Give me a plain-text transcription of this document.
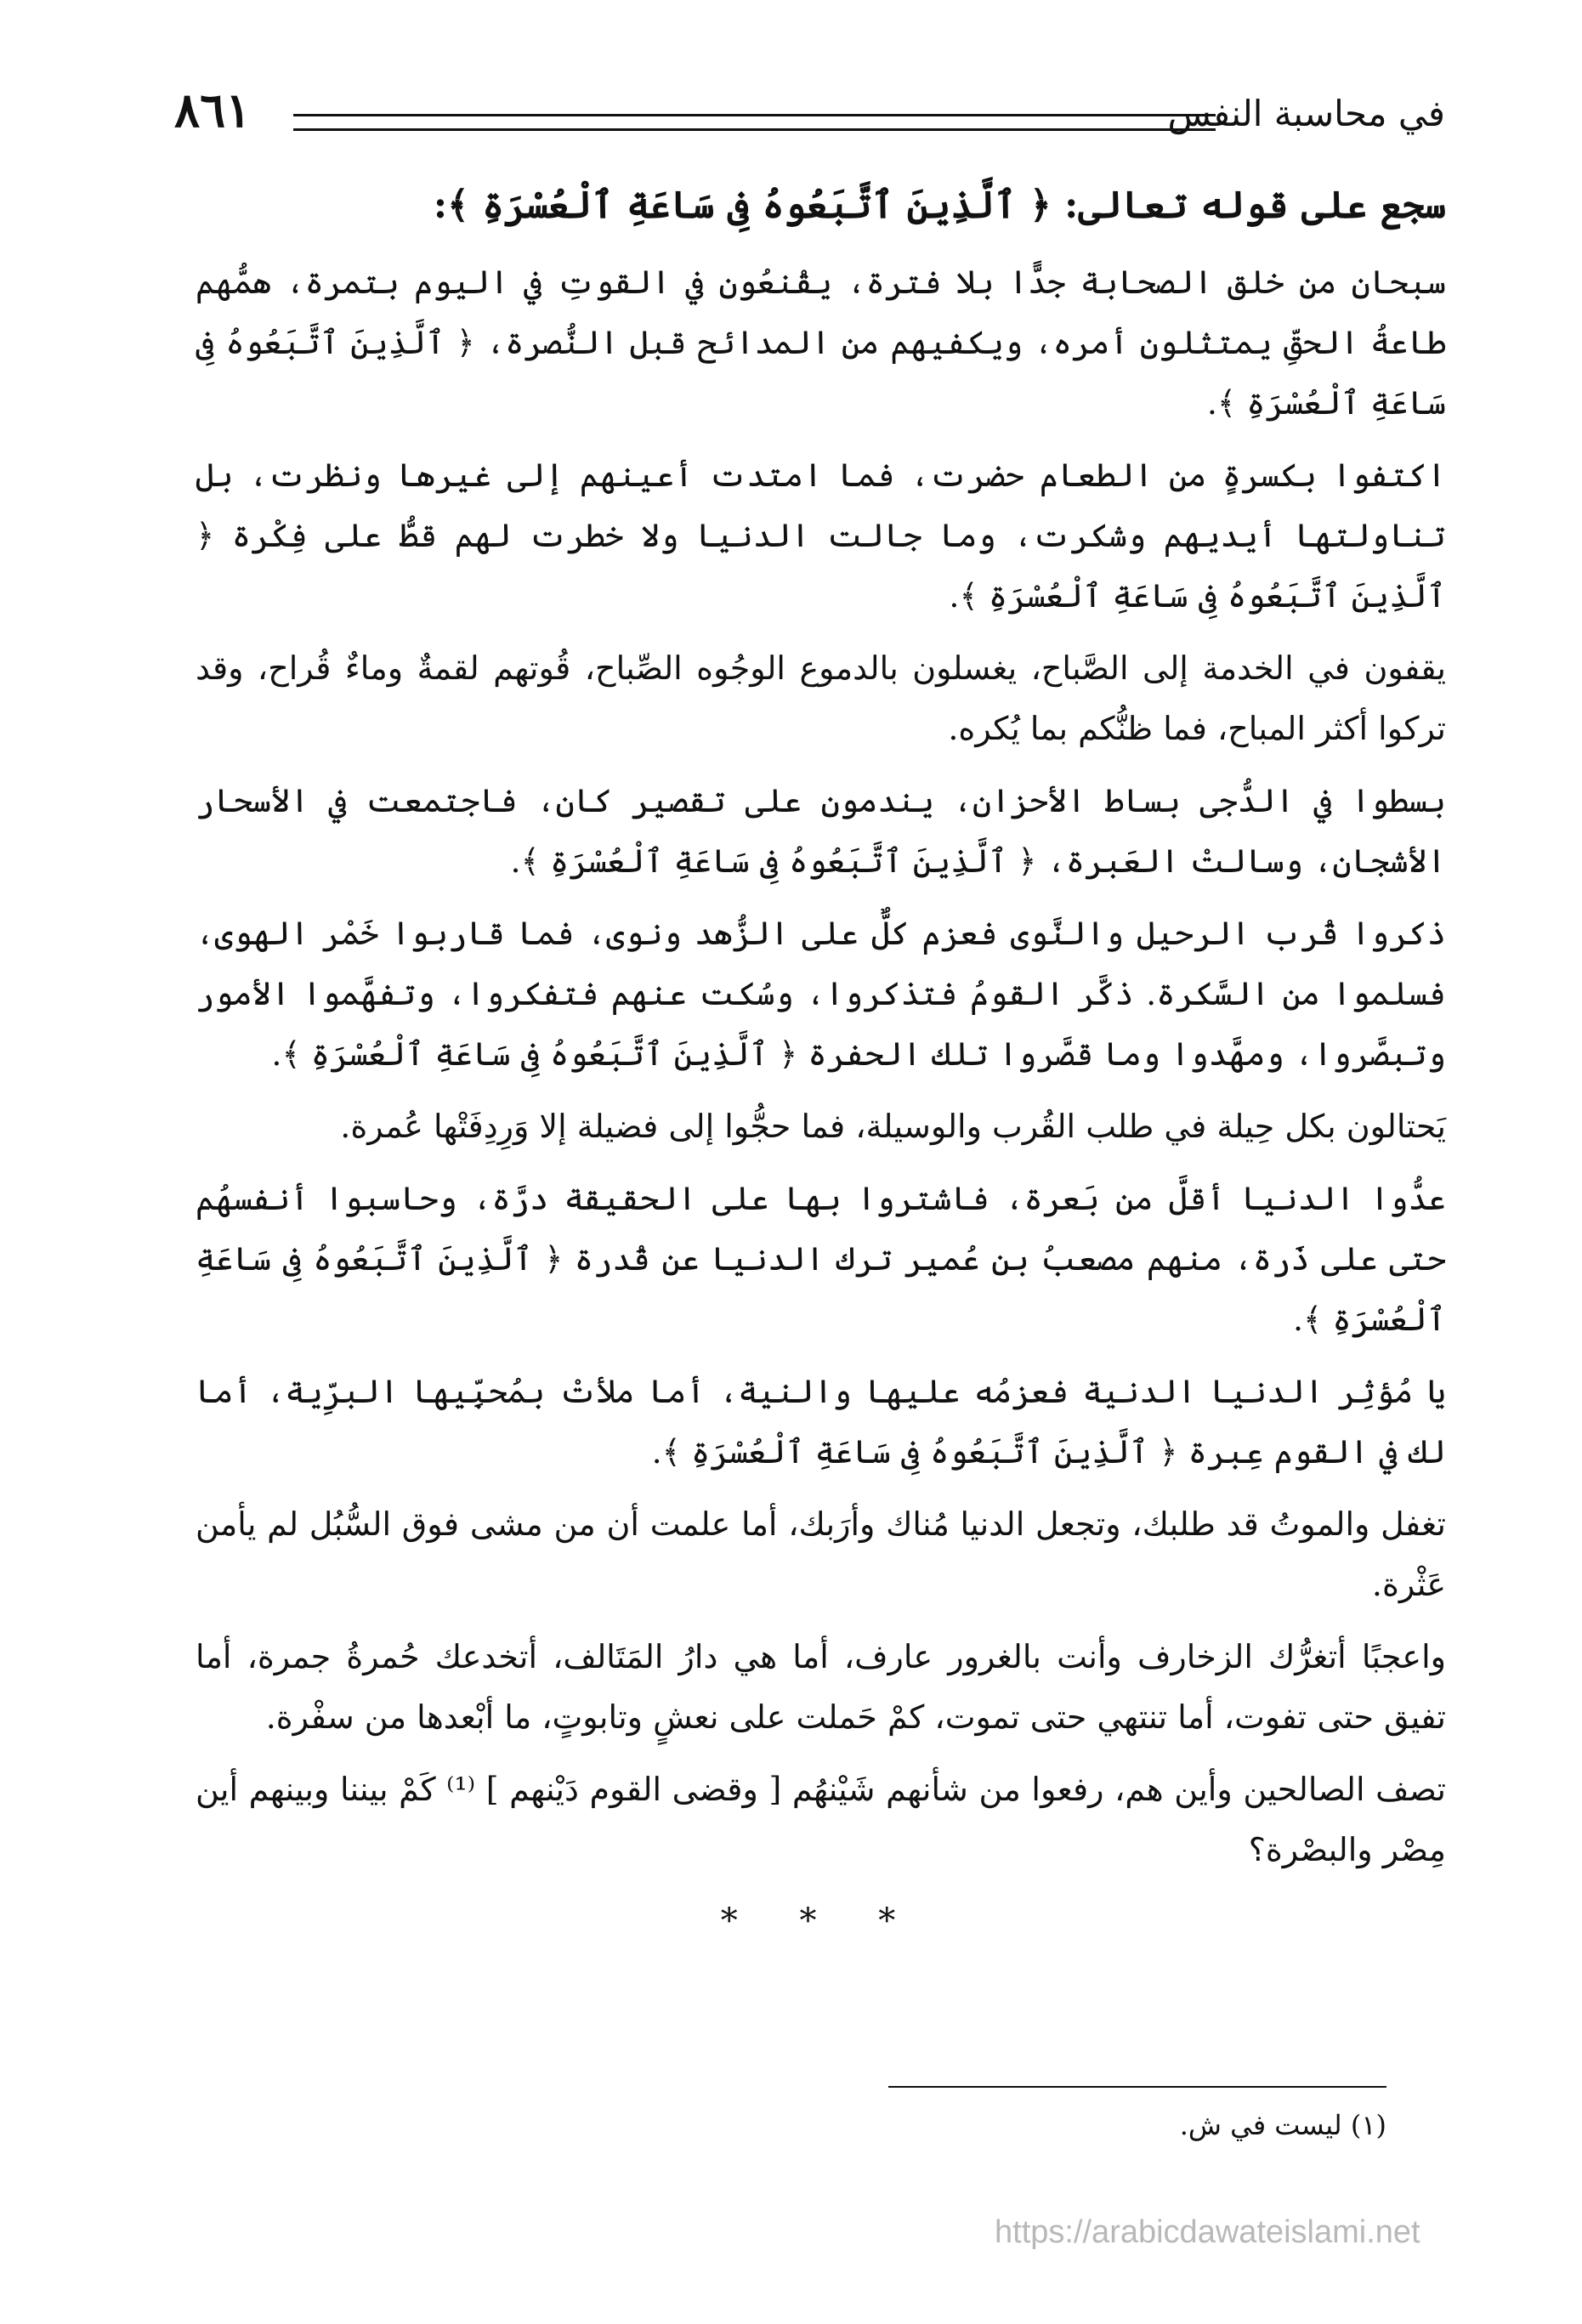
في محاسبة النفس
٨٦١
سجع على قوله تعالى: ﴿ ٱلَّذِينَ ٱتَّبَعُوهُ فِى سَاعَةِ ٱلْعُسْرَةِ ﴾:

سبحان من خلق الصحابة جدًّا بلا فترة، يقْنعُون في القوتِ في اليوم بتمرة، همُّهم طاعةُ الحقِّ يمتثلون أمره، ويكفيهم من المدائح قبل النُّصرة، ﴿ ٱلَّذِينَ ٱتَّبَعُوهُ فِى سَاعَةِ ٱلْعُسْرَةِ ﴾.

اكتفوا بكسرةٍ من الطعام حضرت، فما امتدت أعينهم إلى غيرها ونظرت، بل تناولتها أيديهم وشكرت، وما جالت الدنيا ولا خطرت لهم قطُّ على فِكْرة ﴿ ٱلَّذِينَ ٱتَّبَعُوهُ فِى سَاعَةِ ٱلْعُسْرَةِ ﴾.

يقفون في الخدمة إلى الصَّباح، يغسلون بالدموع الوجُوه الصِّباح، قُوتهم لقمةٌ وماءٌ قُراح، وقد تركوا أكثر المباح، فما ظنُّكم بما يُكره.

بسطوا في الدُّجى بساط الأحزان، يندمون على تقصير كان، فاجتمعت في الأسحار الأشجان، وسالتْ العَبرة، ﴿ ٱلَّذِينَ ٱتَّبَعُوهُ فِى سَاعَةِ ٱلْعُسْرَةِ ﴾.

ذكروا قُرب الرحيل والنَّوى فعزم كلٌّ على الزُّهد ونوى، فما قاربوا خَمْر الهوى، فسلموا من السَّكرة. ذكَّر القومُ فتذكروا، وسُكت عنهم فتفكروا، وتفهَّموا الأمور وتبصَّروا، ومهَّدوا وما قصَّروا تلك الحفرة ﴿ ٱلَّذِينَ ٱتَّبَعُوهُ فِى سَاعَةِ ٱلْعُسْرَةِ ﴾.

يَحتالون بكل حِيلة في طلب القُرب والوسيلة، فما حجُّوا إلى فضيلة إلا وَرِدِفَتْها عُمرة.

عدُّوا الدنيا أقلَّ من بَعرة، فاشتروا بها على الحقيقة درَّة، وحاسبوا أنفسهُم حتى على ذَرة، منهم مصعبُ بن عُمير ترك الدنيا عن قُدرة ﴿ ٱلَّذِينَ ٱتَّبَعُوهُ فِى سَاعَةِ ٱلْعُسْرَةِ ﴾.

يا مُؤثِر الدنيا الدنية فعزمُه عليها والنية، أما ملأتْ بمُحبِّيها البرِّية، أما لك في القوم عِبرة ﴿ ٱلَّذِينَ ٱتَّبَعُوهُ فِى سَاعَةِ ٱلْعُسْرَةِ ﴾.

تغفل والموتُ قد طلبك، وتجعل الدنيا مُناك وأرَبك، أما علمت أن من مشى فوق السُّبُل لم يأمن عَثْرة.

واعجبًا أتغرُّك الزخارف وأنت بالغرور عارف، أما هي دارُ المَتَالف، أتخدعك حُمرةُ جمرة، أما تفيق حتى تفوت، أما تنتهي حتى تموت، كمْ حَملت على نعشٍ وتابوتٍ، ما أبْعدها من سفْرة.

تصف الصالحين وأين هم، رفعوا من شأنهم شَيْنهُم [ وقضى القوم دَيْنهم ] ⁽¹⁾ كَمْ بيننا وبينهم أين مِصْر والبصْرة؟

* * *
(١) ليست في ش.
https://arabicdawateislami.net
